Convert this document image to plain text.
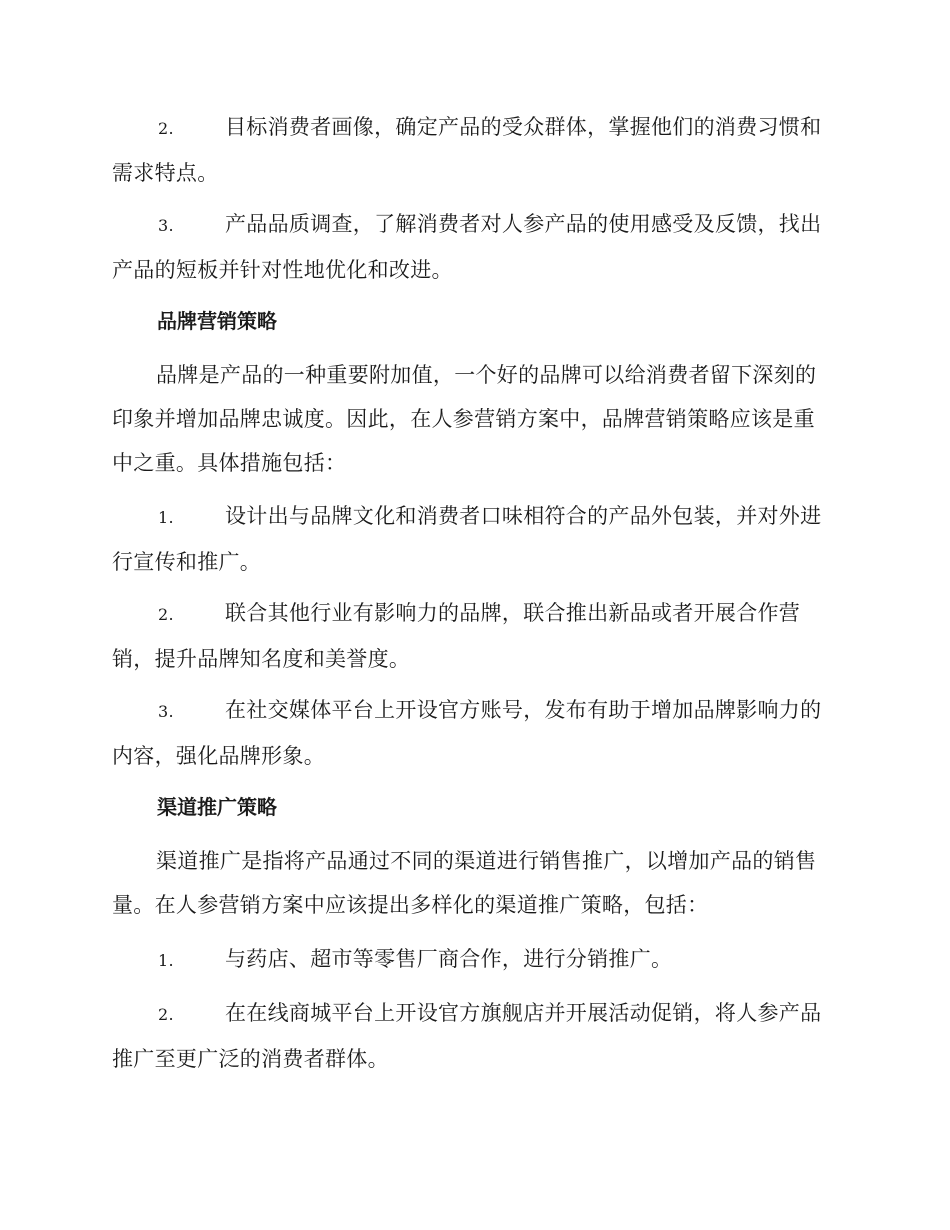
2. 目标消费者画像，确定产品的受众群体，掌握他们的消费习惯和需求特点。
3. 产品品质调查，了解消费者对人参产品的使用感受及反馈，找出产品的短板并针对性地优化和改进。
品牌营销策略
品牌是产品的一种重要附加值，一个好的品牌可以给消费者留下深刻的印象并增加品牌忠诚度。因此，在人参营销方案中，品牌营销策略应该是重中之重。具体措施包括：
1. 设计出与品牌文化和消费者口味相符合的产品外包装，并对外进行宣传和推广。
2. 联合其他行业有影响力的品牌，联合推出新品或者开展合作营销，提升品牌知名度和美誉度。
3. 在社交媒体平台上开设官方账号，发布有助于增加品牌影响力的内容，强化品牌形象。
渠道推广策略
渠道推广是指将产品通过不同的渠道进行销售推广，以增加产品的销售量。在人参营销方案中应该提出多样化的渠道推广策略，包括：
1. 与药店、超市等零售厂商合作，进行分销推广。
2. 在在线商城平台上开设官方旗舰店并开展活动促销，将人参产品推广至更广泛的消费者群体。
